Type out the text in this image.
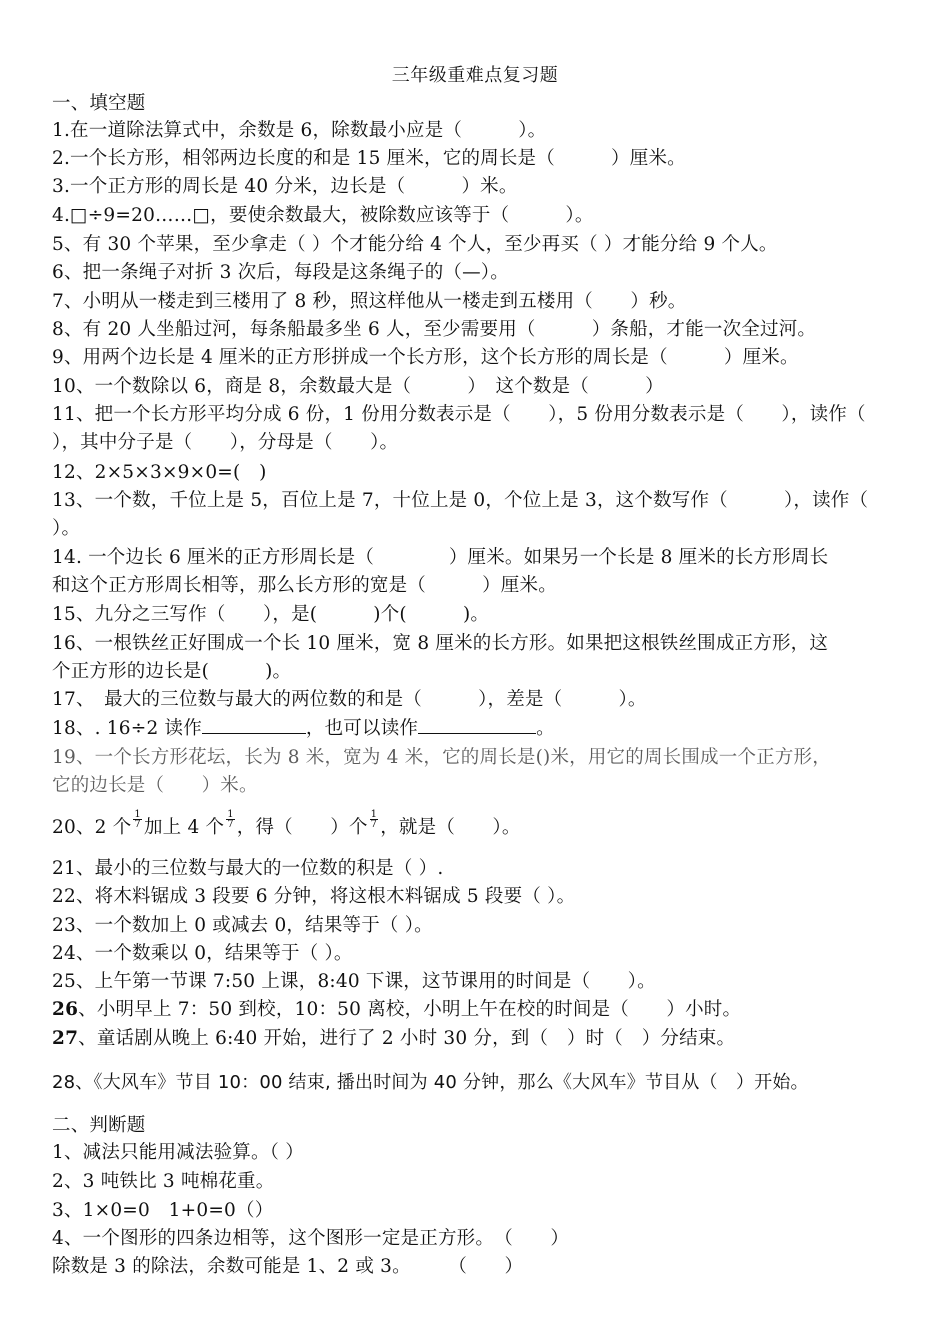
三年级重难点复习题
一、填空题
1.在一道除法算式中，余数是 6，除数最小应是（　　　）。
2.一个长方形，相邻两边长度的和是 15 厘米，它的周长是（　　　）厘米。
3.一个正方形的周长是 40 分米，边长是（　　　）米。
4.□÷9=20……□，要使余数最大，被除数应该等于（　　　）。
5、有 30 个苹果，至少拿走（ ）个才能分给 4 个人，至少再买（ ）才能分给 9 个人。
6、把一条绳子对折 3 次后，每段是这条绳子的（—）。
7、小明从一楼走到三楼用了 8 秒，照这样他从一楼走到五楼用（　　）秒。
8、有 20 人坐船过河，每条船最多坐 6 人，至少需要用（　　　）条船，才能一次全过河。
9、用两个边长是 4 厘米的正方形拼成一个长方形，这个长方形的周长是（　　　）厘米。
10、一个数除以 6，商是 8，余数最大是（　　　）　这个数是（　　　）
11、把一个长方形平均分成 6 份，1 份用分数表示是（　　），5 份用分数表示是（　　），读作（
），其中分子是（　　），分母是（　　）。
12、2×5×3×9×0=(　)
13、一个数，千位上是 5，百位上是 7，十位上是 0，个位上是 3，这个数写作（　　　），读作（
）。
14. 一个边长 6 厘米的正方形周长是（　　　　）厘米。如果另一个长是 8 厘米的长方形周长
和这个正方形周长相等，那么长方形的宽是（　　　）厘米。
15、九分之三写作（　　），是(　　　)个(　　　)。
16、一根铁丝正好围成一个长 10 厘米，宽 8 厘米的长方形。如果把这根铁丝围成正方形，这
个正方形的边长是(　　　)。
17、　最大的三位数与最大的两位数的和是（　　　），差是（　　　）。
18、. 16÷2 读作	，也可以读作	。
19、一个长方形花坛，长为 8 米，宽为 4 米，它的周长是()米，用它的周长围成一个正方形，
它的边长是（　　）米。
20、2 个 $\frac{1}{7}$ 加上 4 个 $\frac{1}{7}$ ，得（　　）个 $\frac{1}{7}$ ，就是（　　）。
21、最小的三位数与最大的一位数的积是（ ）.
22、将木料锯成 3 段要 6 分钟，将这根木料锯成 5 段要（ ）。
23、一个数加上 0 或减去 0，结果等于（ ）。
24、一个数乘以 0，结果等于（ ）。
25、上午第一节课 7:50 上课，8:40 下课，这节课用的时间是（　　）。
26、小明早上 7：50 到校，10：50 离校，小明上午在校的时间是（　　）小时。
27、童话剧从晚上 6:40 开始，进行了 2 小时 30 分，到（　）时（　）分结束。
28、《大风车》节目 10：00 结束, 播出时间为 40 分钟，那么《大风车》节目从（　）开始。
二、判断题
1、减法只能用减法验算。（ ）
2、3 吨铁比 3 吨棉花重。
3、1×0=0　1+0=0（）
4、一个图形的四条边相等，这个图形一定是正方形。　（　　）
除数是 3 的除法，余数可能是 1、2 或 3。　　　（　　）
